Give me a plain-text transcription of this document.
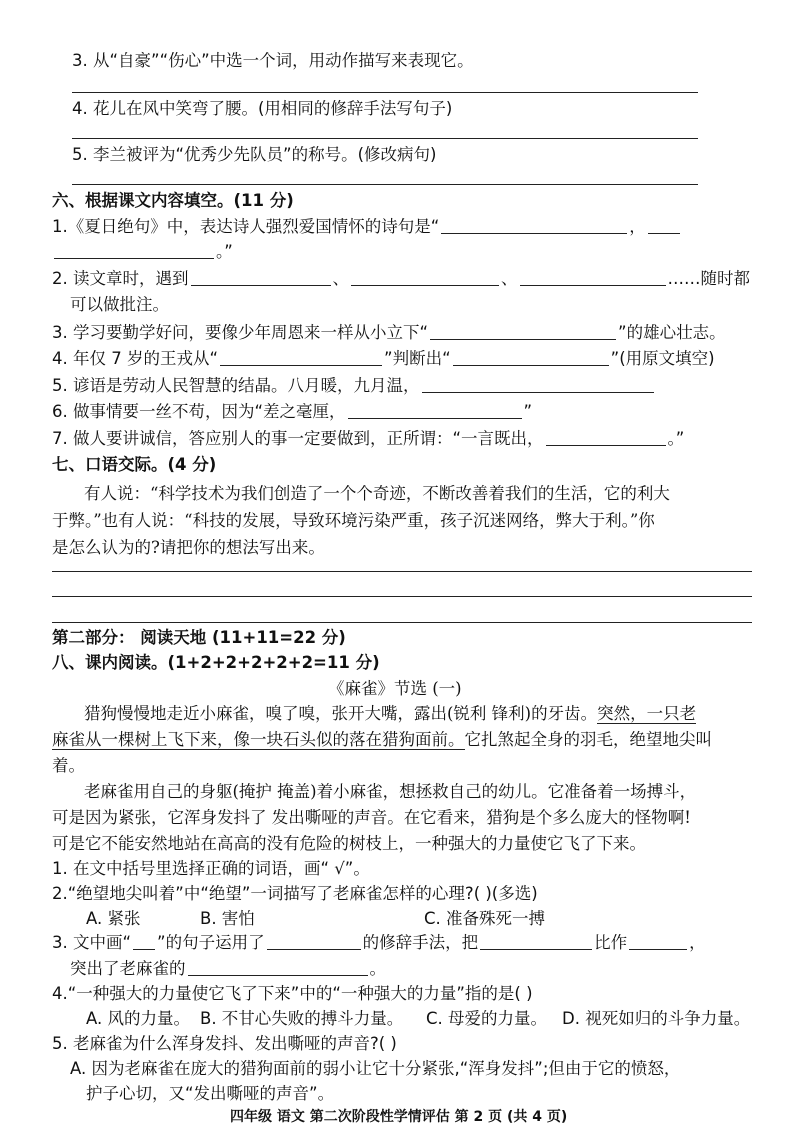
3. 从“自豪”“伤心”中选一个词，用动作描写来表现它。
4. 花儿在风中笑弯了腰。(用相同的修辞手法写句子)
5. 李兰被评为“优秀少先队员”的称号。(修改病句)
六、根据课文内容填空。(11 分)
1.《夏日绝句》中，表达诗人强烈爱国情怀的诗句是“	，
。”
2. 读文章时，遇到	、	、	……随时都
可以做批注。
3. 学习要勤学好问，要像少年周恩来一样从小立下“	”的雄心壮志。
4. 年仅 7 岁的王戎从“	”判断出“	”(用原文填空)
5. 谚语是劳动人民智慧的结晶。八月暖，九月温，
6. 做事情要一丝不苟，因为“差之毫厘，	”
7. 做人要讲诚信，答应别人的事一定要做到，正所谓：“一言既出，	。”
七、口语交际。(4 分)
有人说：“科学技术为我们创造了一个个奇迹，不断改善着我们的生活，它的利大
于弊。”也有人说：“科技的发展，导致环境污染严重，孩子沉迷网络，弊大于利。”你
是怎么认为的?请把你的想法写出来。
第二部分： 阅读天地 (11+11=22 分)
八、课内阅读。(1+2+2+2+2+2=11 分)
《麻雀》节选 (一)
猎狗慢慢地走近小麻雀，嗅了嗅，张开大嘴，露出(锐利 锋利)的牙齿。突然，一只老
麻雀从一棵树上飞下来，像一块石头似的落在猎狗面前。它扎煞起全身的羽毛，绝望地尖叫
着。
老麻雀用自己的身躯(掩护 掩盖)着小麻雀，想拯救自己的幼儿。它准备着一场搏斗，
可是因为紧张，它浑身发抖了 发出嘶哑的声音。在它看来，猎狗是个多么庞大的怪物啊!
可是它不能安然地站在高高的没有危险的树枝上，一种强大的力量使它飞了下来。
1. 在文中括号里选择正确的词语，画“ √”。
2.“绝望地尖叫着”中“绝望”一词描写了老麻雀怎样的心理?( )(多选)
A. 紧张	B. 害怕	C. 准备殊死一搏
3. 文中画“ ”的句子运用了	的修辞手法，把	比作	，
突出了老麻雀的	。
4.“一种强大的力量使它飞了下来”中的“一种强大的力量”指的是( )
A. 风的力量。 B. 不甘心失败的搏斗力量。 C. 母爱的力量。 D. 视死如归的斗争力量。
5. 老麻雀为什么浑身发抖、发出嘶哑的声音?( )
A. 因为老麻雀在庞大的猎狗面前的弱小让它十分紧张,“浑身发抖”;但由于它的愤怒，
护子心切，又“发出嘶哑的声音”。
四年级 语文 第二次阶段性学情评估 第 2 页 (共 4 页)
